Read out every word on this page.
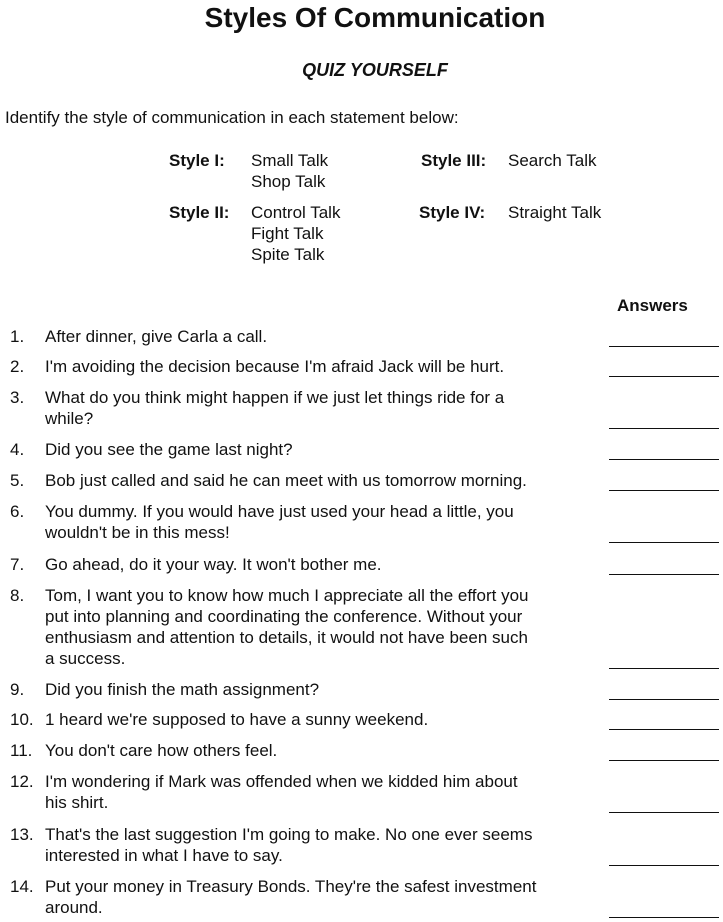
Styles Of Communication
QUIZ YOURSELF
Identify the style of communication in each statement below:
Style I: Small Talk
Shop Talk
Style II: Control Talk
Fight Talk
Spite Talk
Style III: Search Talk
Style IV: Straight Talk
Answers
1.	After dinner, give Carla a call.
2.	I'm avoiding the decision because I'm afraid Jack will be hurt.
3.	What do you think might happen if we just let things ride for a
while?
4.	Did you see the game last night?
5.	Bob just called and said he can meet with us tomorrow morning.
6.	You dummy. If you would have just used your head a little, you
wouldn't be in this mess!
7.	Go ahead, do it your way. It won't bother me.
8.	Tom, I want you to know how much I appreciate all the effort you
put into planning and coordinating the conference. Without your
enthusiasm and attention to details, it would not have been such
a success.
9.	Did you finish the math assignment?
10. 1 heard we're supposed to have a sunny weekend.
11. You don't care how others feel.
12. I'm wondering if Mark was offended when we kidded him about
his shirt.
13. That's the last suggestion I'm going to make. No one ever seems
interested in what I have to say.
14. Put your money in Treasury Bonds. They're the safest investment
around.
